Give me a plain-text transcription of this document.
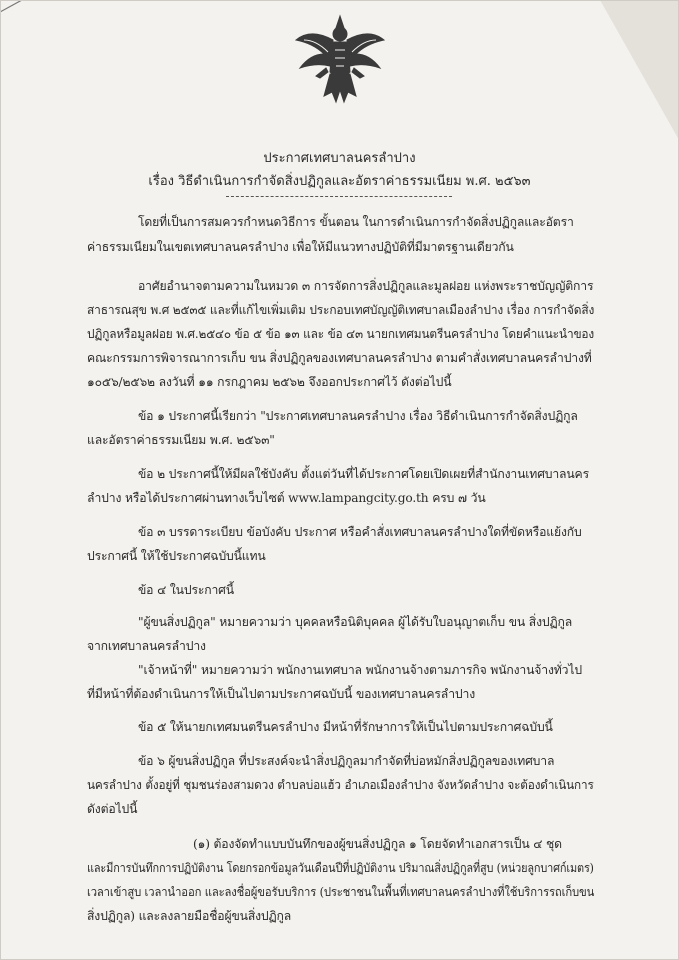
ประกาศเทศบาลนครลำปาง
เรื่อง วิธีดำเนินการกำจัดสิ่งปฏิกูลและอัตราค่าธรรมเนียม พ.ศ. ๒๕๖๓
โดยที่เป็นการสมควรกำหนดวิธีการ ขั้นตอน ในการดำเนินการกำจัดสิ่งปฏิกูลและอัตรา
ค่าธรรมเนียมในเขตเทศบาลนครลำปาง เพื่อให้มีแนวทางปฏิบัติที่มีมาตรฐานเดียวกัน
อาศัยอำนาจตามความในหมวด ๓ การจัดการสิ่งปฏิกูลและมูลฝอย แห่งพระราชบัญญัติการ
สาธารณสุข พ.ศ ๒๕๓๕ และที่แก้ไขเพิ่มเติม ประกอบเทศบัญญัติเทศบาลเมืองลำปาง เรื่อง การกำจัดสิ่ง
ปฏิกูลหรือมูลฝอย พ.ศ.๒๕๔๐ ข้อ ๕ ข้อ ๑๓ และ ข้อ ๔๓ นายกเทศมนตรีนครลำปาง โดยคำแนะนำของ
คณะกรรมการพิจารณาการเก็บ ขน สิ่งปฏิกูลของเทศบาลนครลำปาง ตามคำสั่งเทศบาลนครลำปางที่
๑๐๕๖/๒๕๖๒ ลงวันที่ ๑๑ กรกฎาคม ๒๕๖๒ จึงออกประกาศไว้ ดังต่อไปนี้
ข้อ ๑ ประกาศนี้เรียกว่า "ประกาศเทศบาลนครลำปาง เรื่อง วิธีดำเนินการกำจัดสิ่งปฏิกูล
และอัตราค่าธรรมเนียม พ.ศ. ๒๕๖๓"
ข้อ ๒ ประกาศนี้ให้มีผลใช้บังคับ ตั้งแต่วันที่ได้ประกาศโดยเปิดเผยที่สำนักงานเทศบาลนคร
ลำปาง หรือได้ประกาศผ่านทางเว็บไซต์ www.lampangcity.go.th ครบ ๗ วัน
ข้อ ๓ บรรดาระเบียบ ข้อบังคับ ประกาศ หรือคำสั่งเทศบาลนครลำปางใดที่ขัดหรือแย้งกับ
ประกาศนี้ ให้ใช้ประกาศฉบับนี้แทน
ข้อ ๔ ในประกาศนี้
"ผู้ขนสิ่งปฏิกูล" หมายความว่า บุคคลหรือนิติบุคคล ผู้ได้รับใบอนุญาตเก็บ ขน สิ่งปฏิกูล
จากเทศบาลนครลำปาง
"เจ้าหน้าที่" หมายความว่า พนักงานเทศบาล พนักงานจ้างตามภารกิจ พนักงานจ้างทั่วไป
ที่มีหน้าที่ต้องดำเนินการให้เป็นไปตามประกาศฉบับนี้ ของเทศบาลนครลำปาง
ข้อ ๕ ให้นายกเทศมนตรีนครลำปาง มีหน้าที่รักษาการให้เป็นไปตามประกาศฉบับนี้
ข้อ ๖ ผู้ขนสิ่งปฏิกูล ที่ประสงค์จะนำสิ่งปฏิกูลมากำจัดที่บ่อหมักสิ่งปฏิกูลของเทศบาล
นครลำปาง ตั้งอยู่ที่ ชุมชนร่องสามดวง ตำบลบ่อแฮ้ว อำเภอเมืองลำปาง จังหวัดลำปาง จะต้องดำเนินการ
ดังต่อไปนี้
(๑) ต้องจัดทำแบบบันทึกของผู้ขนสิ่งปฏิกูล ๑ โดยจัดทำเอกสารเป็น ๔ ชุด
และมีการบันทึกการปฏิบัติงาน โดยกรอกข้อมูลวันเดือนปีที่ปฏิบัติงาน ปริมาณสิ่งปฏิกูลที่สูบ (หน่วยลูกบาศก์เมตร)
เวลาเข้าสูบ เวลานำออก และลงชื่อผู้ขอรับบริการ (ประชาชนในพื้นที่เทศบาลนครลำปางที่ใช้บริการรถเก็บขน
สิ่งปฏิกูล) และลงลายมือชื่อผู้ขนสิ่งปฏิกูล
